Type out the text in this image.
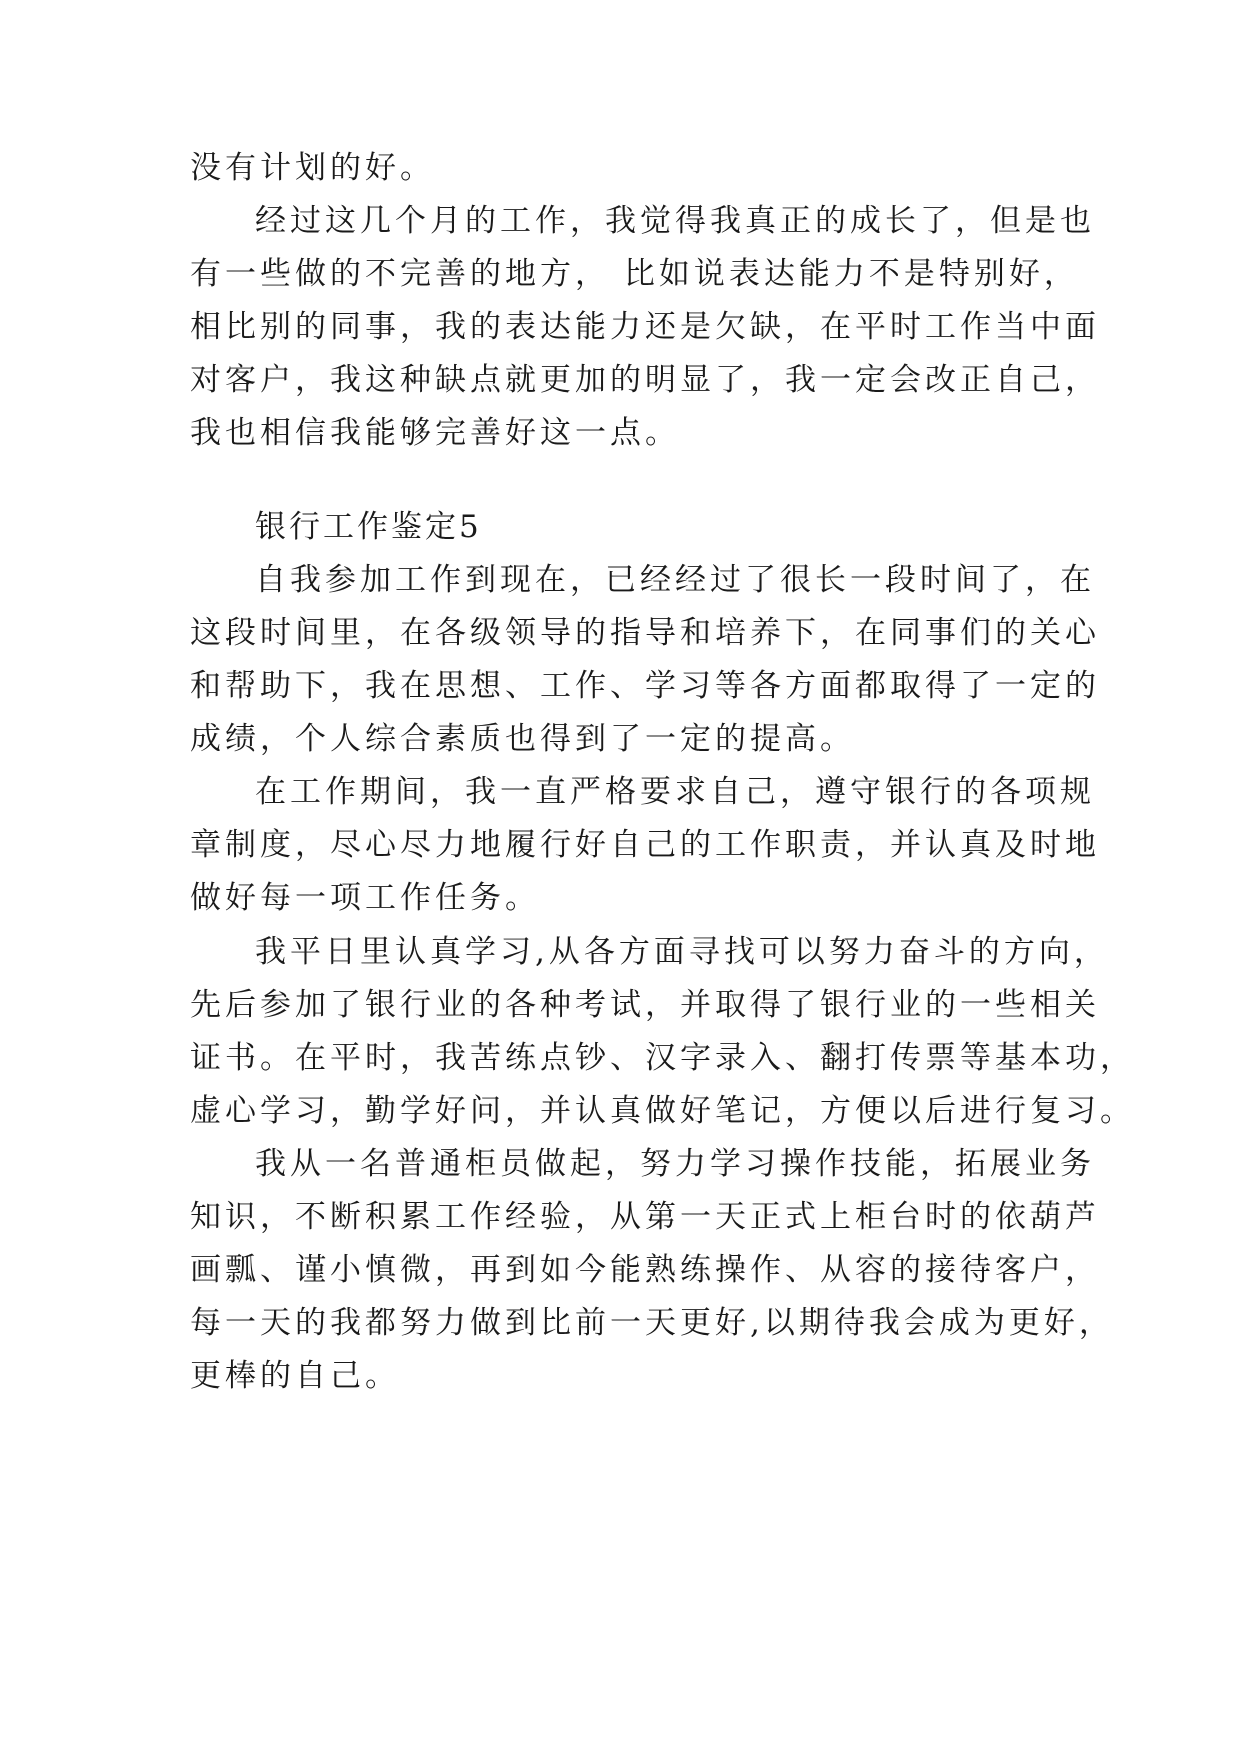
没有计划的好。
经过这几个月的工作，我觉得我真正的成长了，但是也
有一些做的不完善的地方， 比如说表达能力不是特别好，
相比别的同事，我的表达能力还是欠缺，在平时工作当中面
对客户，我这种缺点就更加的明显了，我一定会改正自己，
我也相信我能够完善好这一点。
银行工作鉴定5
自我参加工作到现在，已经经过了很长一段时间了，在
这段时间里，在各级领导的指导和培养下，在同事们的关心
和帮助下，我在思想、工作、学习等各方面都取得了一定的
成绩，个人综合素质也得到了一定的提高。
在工作期间，我一直严格要求自己，遵守银行的各项规
章制度，尽心尽力地履行好自己的工作职责，并认真及时地
做好每一项工作任务。
我平日里认真学习,从各方面寻找可以努力奋斗的方向，
先后参加了银行业的各种考试，并取得了银行业的一些相关
证书。在平时，我苦练点钞、汉字录入、翻打传票等基本功，
虚心学习，勤学好问，并认真做好笔记，方便以后进行复习。
我从一名普通柜员做起，努力学习操作技能，拓展业务
知识，不断积累工作经验，从第一天正式上柜台时的依葫芦
画瓢、谨小慎微，再到如今能熟练操作、从容的接待客户，
每一天的我都努力做到比前一天更好,以期待我会成为更好，
更棒的自己。
